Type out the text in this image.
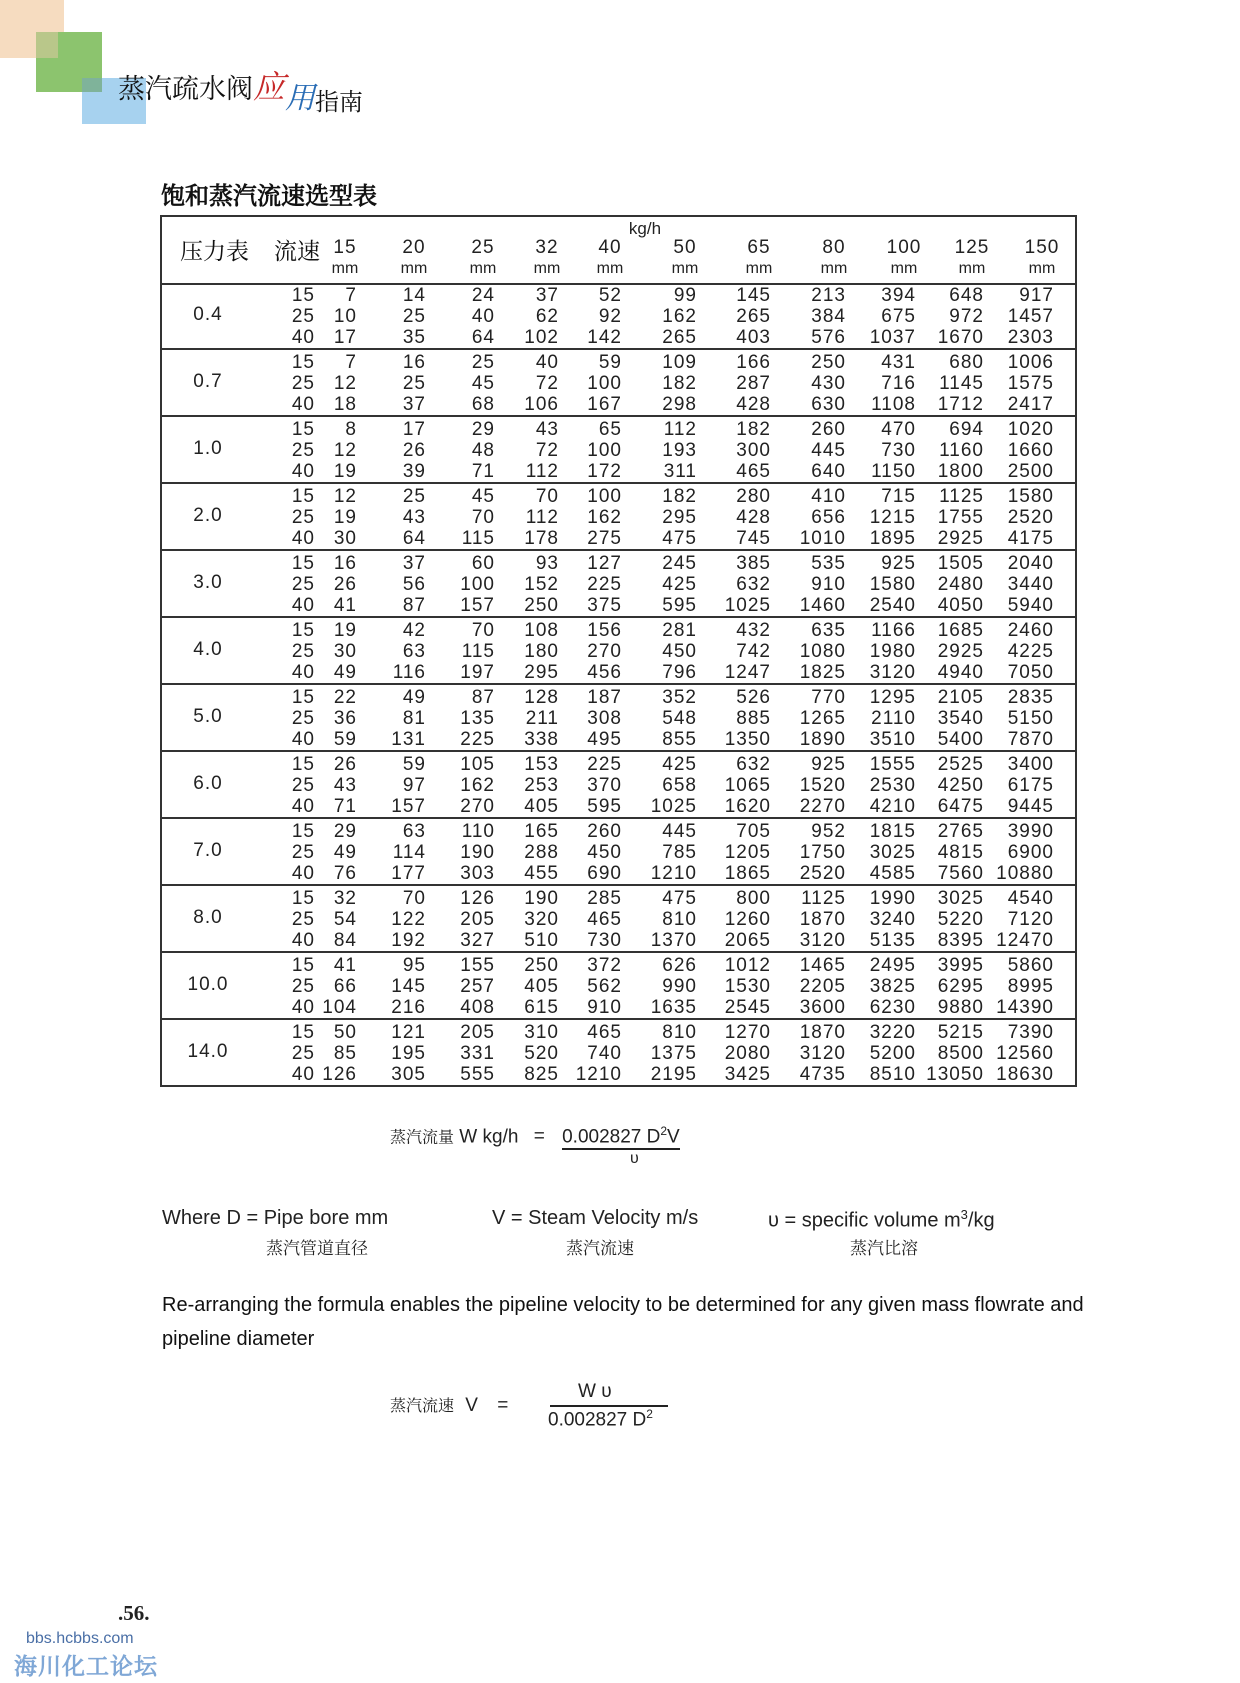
蒸汽疏水阀应用指南
饱和蒸汽流速选型表
压力表 流速
kg/h
15
mm
20
mm
25
mm
32
mm
40
mm
50
mm
65
mm
80
mm
100
mm
125
mm
150
mm
0.4
15 7 14 24 37 52	99 145 213 394 648 917
25 10 25 40 62 92 162 265 384 675 972 1457
40 17 35 64 102 142 265 403 576 1037 1670 2303
0.7
15 7 16 25 40 59 109 166 250 431 680 1006
25 12 25 45 72 100 182 287 430 716 1145 1575
40 18 37 68 106 167 298 428 630 1108 1712 2417
1.0
15 8 17 29 43 65 112 182 260 470 694 1020
25 12 26 48 72 100 193 300 445 730 1160 1660
40 19 39 71 112 172 311 465 640 1150 1800 2500
2.0
15 12 25 45 70 100 182 280 410 715 1125 1580
25 19 43 70 112 162 295 428 656 1215 1755 2520
40 30 64 115 178 275 475 745 1010 1895 2925 4175
3.0
15 16 37 60 93 127 245 385 535 925 1505 2040
25 26 56 100 152 225 425 632 910 1580 2480 3440
40 41 87 157 250 375 595 1025 1460 2540 4050 5940
4.0
15 19 42 70 108 156 281 432 635 1166 1685 2460
25 30 63 115 180 270 450 742 1080 1980 2925 4225
40 49 116 197 295 456 796 1247 1825 3120 4940 7050
5.0
15 22 49 87 128 187 352 526 770 1295 2105 2835
25 36 81 135 211 308 548 885 1265 2110 3540 5150
40 59 131 225 338 495 855 1350 1890 3510 5400 7870
6.0
15 26 59 105 153 225 425 632 925 1555 2525 3400
25 43 97 162 253 370 658 1065 1520 2530 4250 6175
40 71 157 270 405 595 1025 1620 2270 4210 6475 9445
7.0
15 29 63 110 165 260 445 705 952 1815 2765 3990
25 49 114 190 288 450 785 1205 1750 3025 4815 6900
40 76 177 303 455 690 1210 1865 2520 4585 7560 10880
8.0
15 32 70 126 190 285 475 800 1125 1990 3025 4540
25 54 122 205 320 465 810 1260 1870 3240 5220 7120
40 84 192 327 510 730 1370 2065 3120 5135 8395 12470
10.0
15 41 95 155 250 372 626 1012 1465 2495 3995 5860
25 66 145 257 405 562 990 1530 2205 3825 6295 8995
40 104 216 408 615 910 1635 2545 3600 6230 9880 14390
14.0
15 50 121 205 310 465 810 1270 1870 3220 5215 7390
25 85 195 331 520 740 1375 2080 3120 5200 8500 12560
40 126 305 555 825 1210 2195 3425 4735 8510 13050 18630
蒸汽流量 W kg/h = 0.002827 $D^2V$
υ
Where D = Pipe bore mm
蒸汽管道直径
V = Steam Velocity m/s
蒸汽流速
υ = specific volume $m^3/kg$
蒸汽比溶
Re-arranging the formula enables the pipeline velocity to be determined for any given mass flowrate and pipeline diameter
蒸汽流速 V =
W υ
0.002827 $D^2$
.56.
bbs.hcbbs.com
海川化工论坛
